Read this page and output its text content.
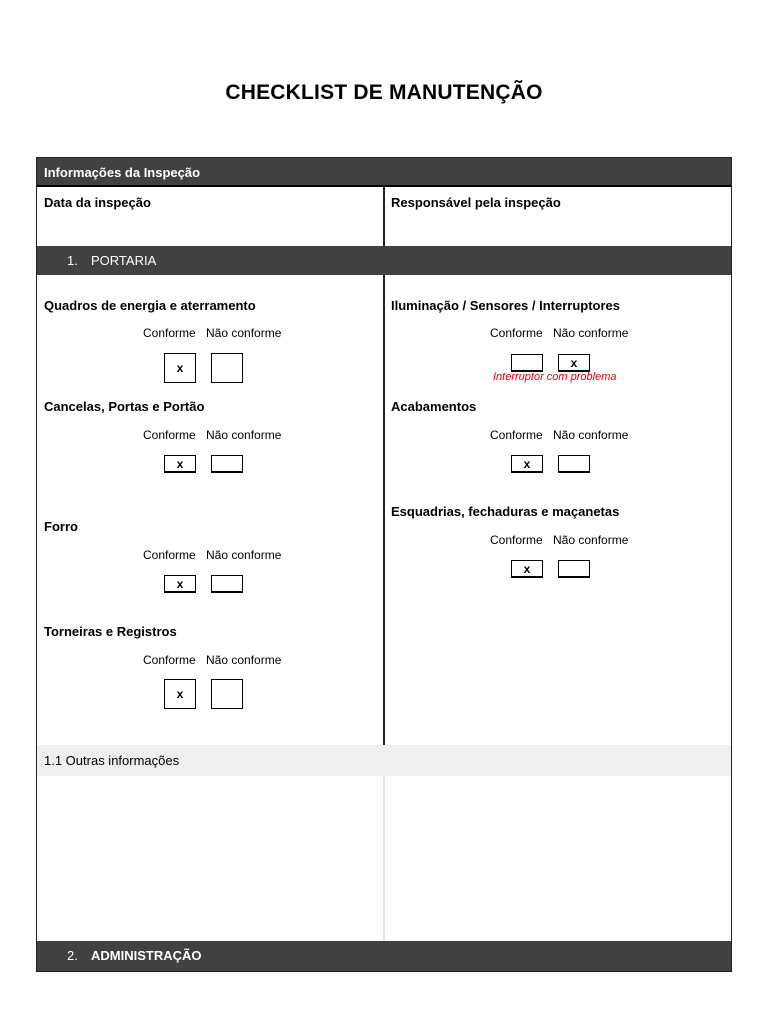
CHECKLIST DE MANUTENÇÃO
Informações da Inspeção
Data da inspeção	Responsável pela inspeção
1. PORTARIA
Quadros de energia e aterramento
Conforme Não conforme
x
Iluminação / Sensores / Interruptores
Conforme Não conforme
x
Interruptor com problema
Cancelas, Portas e Portão
Conforme Não conforme
x
Acabamentos
Conforme Não conforme
x
Esquadrias, fechaduras e maçanetas
Conforme Não conforme
x
Forro
Conforme Não conforme
x
Torneiras e Registros
Conforme Não conforme
x
1.1 Outras informações
2. ADMINISTRAÇÃO
